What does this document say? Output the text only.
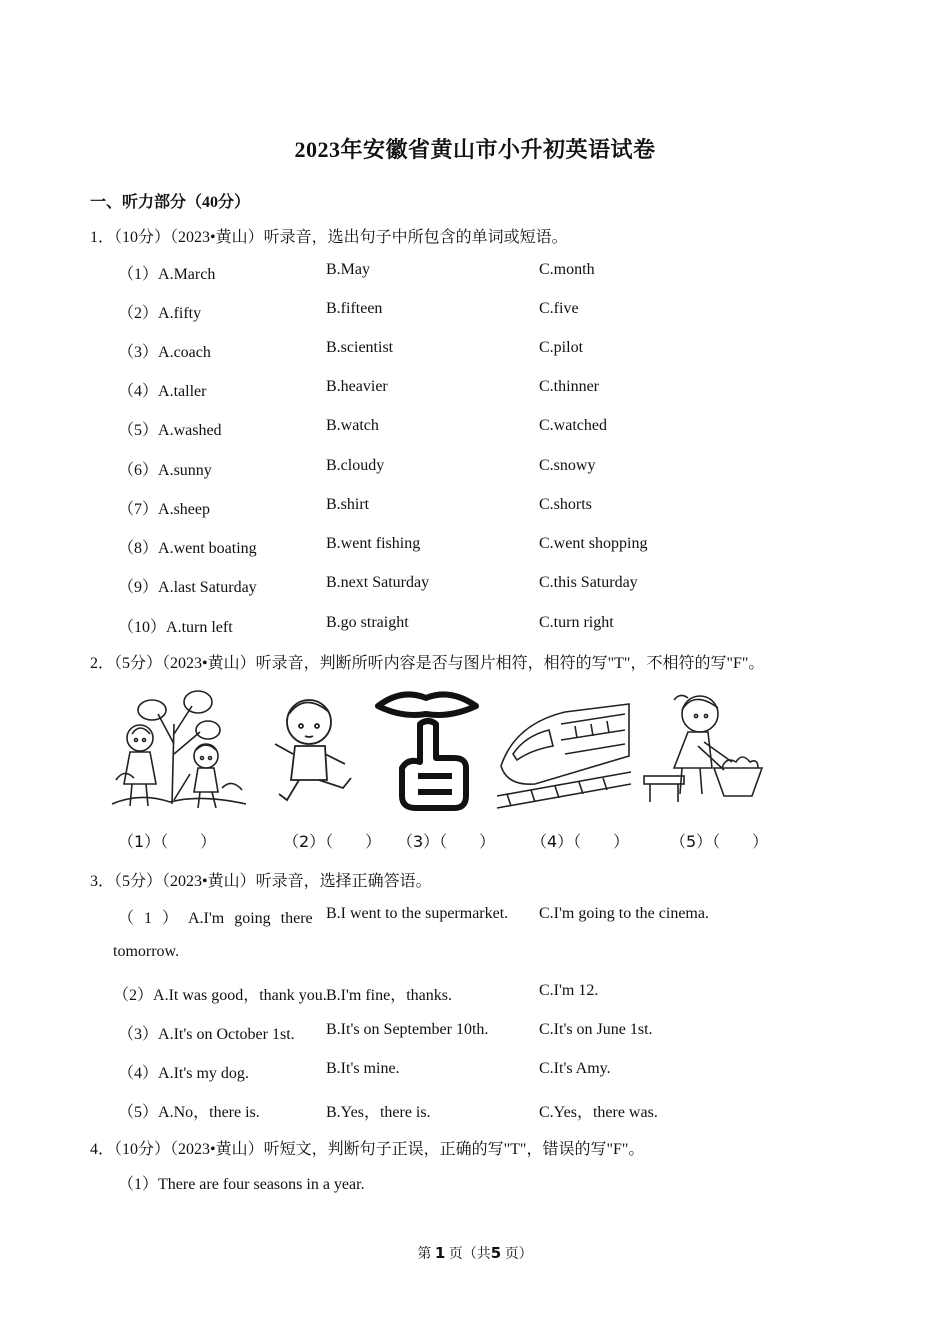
2023年安徽省黄山市小升初英语试卷
一、听力部分（40分）
1．（10分）（2023•黄山）听录音，选出句子中所包含的单词或短语。
（1）A.March	B.May	C.month
（2）A.fifty	B.fifteen	C.five
（3）A.coach	B.scientist	C.pilot
（4）A.taller	B.heavier	C.thinner
（5）A.washed	B.watch	C.watched
（6）A.sunny	B.cloudy	C.snowy
（7）A.sheep	B.shirt	C.shorts
（8）A.went boating	B.went fishing	C.went shopping
（9）A.last Saturday	B.next Saturday	C.this Saturday
（10）A.turn left	B.go straight	C.turn right
2．（5分）（2023•黄山）听录音，判断所听内容是否与图片相符，相符的写"T"，不相符的写"F"。
（1）（　　）	（2）（　　） （3）（　　） （4）（　　）	（5）（　　）
3．（5分）（2023•黄山）听录音，选择正确答语。
（ 1 ） A.I'm going there B.I went to the supermarket. C.I'm going to the cinema.
tomorrow.
（2）A.It was good，thank you. B.I'm fine，thanks.	C.I'm 12.
（3）A.It's on October 1st. B.It's on September 10th.	C.It's on June 1st.
（4）A.It's my dog.	B.It's mine.	C.It's Amy.
（5）A.No，there is.	B.Yes，there is.	C.Yes，there was.
4．（10分）（2023•黄山）听短文，判断句子正误，正确的写"T"，错误的写"F"。
（1）There are four seasons in a year.
第 1 页（共5 页）
